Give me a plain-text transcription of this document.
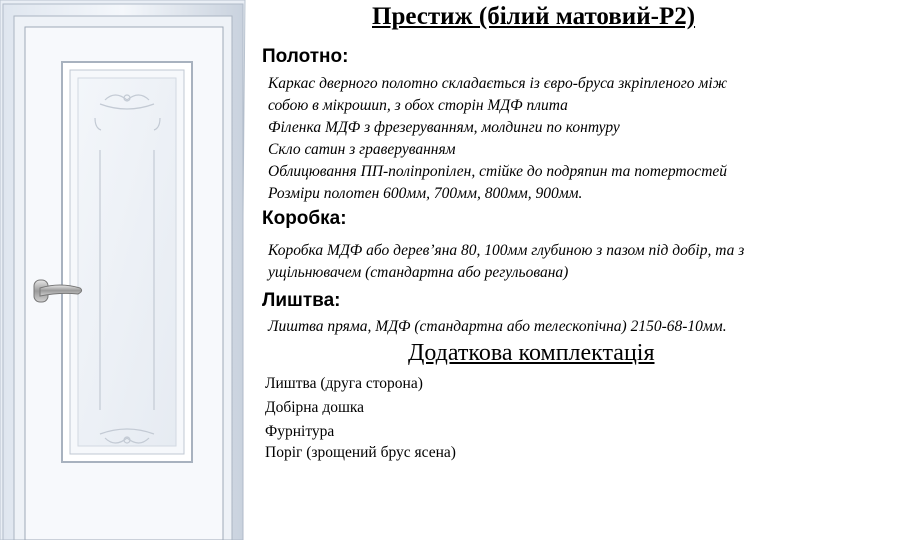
Престиж (білий матовий-Р2)
Полотно:
Каркас дверного полотно складається із євро-бруса зкріпленого між
собою в мікрошип, з обох сторін МДФ плита
Філенка МДФ з фрезеруванням, молдинги по контуру
Скло сатин з граверуванням
Облицювання ПП-поліпропілен, стійке до подряпин та потертостей
Розміри полотен 600мм, 700мм, 800мм, 900мм.
Коробка:
Коробка МДФ або дерев’яна 80, 100мм глубиною з пазом під добір, та з
ущільнювачем (стандартна або регульована)
Лиштва:
Лиштва пряма, МДФ (стандартна або телескопічна) 2150-68-10мм.
Додаткова комплектація
Лиштва (друга сторона)
Добірна дошка
Фурнітура
Поріг (зрощений брус ясена)
